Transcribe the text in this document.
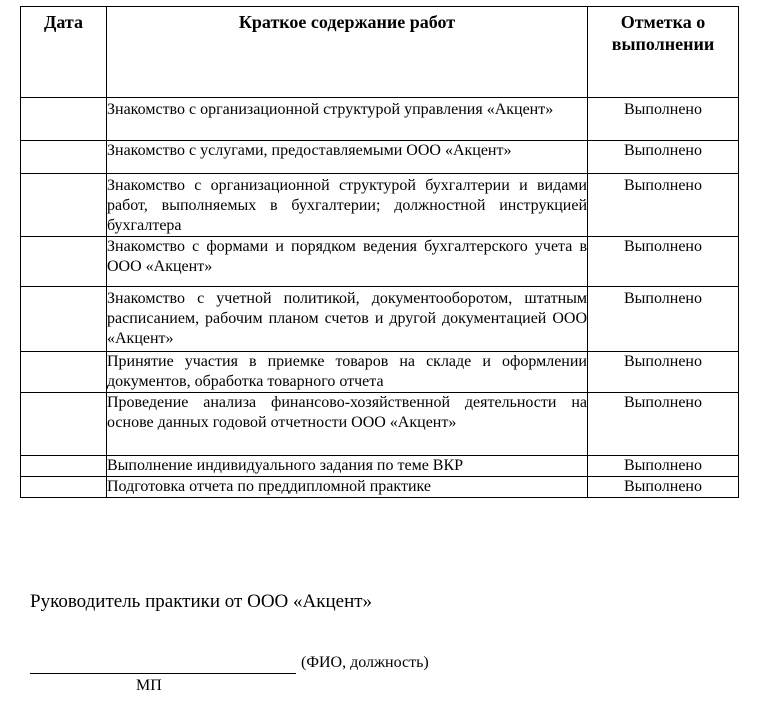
Дата	Краткое содержание работ	Отметка о выполнении
	Знакомство с организационной структурой управления «Акцент»	Выполнено
	Знакомство с услугами, предоставляемыми ООО «Акцент»	Выполнено
	Знакомство с организационной структурой бухгалтерии и видами работ, выполняемых в бухгалтерии; должностной инструкцией бухгалтера	Выполнено
	Знакомство с формами и порядком ведения бухгалтерского учета в ООО «Акцент»	Выполнено
	Знакомство с учетной политикой, документооборотом, штатным расписанием, рабочим планом счетов и другой документацией ООО «Акцент»	Выполнено
	Принятие участия в приемке товаров на складе и оформлении документов, обработка товарного отчета	Выполнено
	Проведение анализа финансово-хозяйственной деятельности на основе данных годовой отчетности ООО «Акцент»	Выполнено
	Выполнение индивидуального задания по теме ВКР	Выполнено
	Подготовка отчета по преддипломной практике	Выполнено
Руководитель практики от ООО «Акцент»
(ФИО, должность)
МП
